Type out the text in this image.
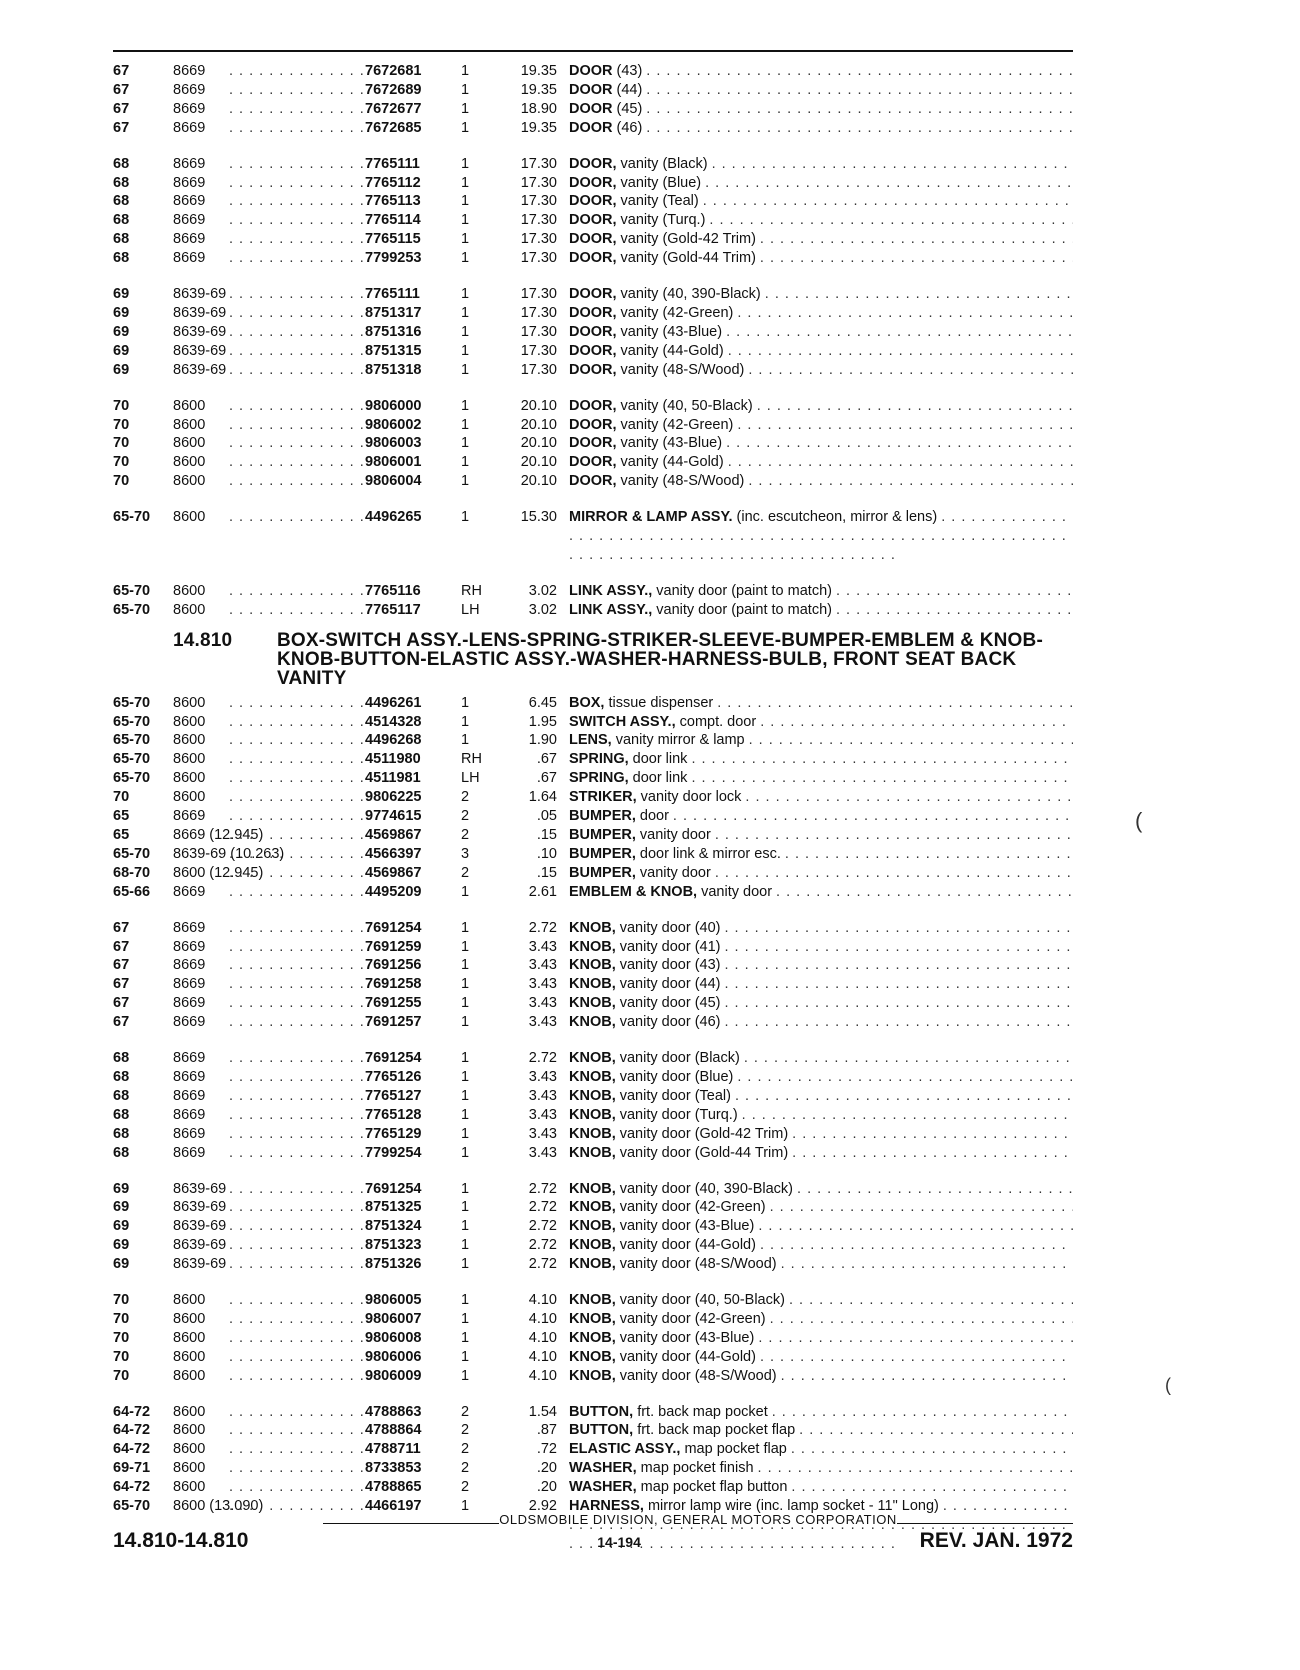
67	8669 . . .	7672681	1	19.35 DOOR (43)
. . .
67	8669 . . .	7672689	1	19.35 DOOR (44)
. . .
67	8669 . . .	7672677	1	18.90 DOOR (45)
. . .
67	8669 . . .	7672685	1	19.35 DOOR (46)
. . .
68	8669 . . .	7765111	1	17.30 DOOR, vanity (Black)
. . .
68	8669 . . .	7765112	1	17.30 DOOR, vanity (Blue)
. . .
68	8669 . . .	7765113	1	17.30 DOOR, vanity (Teal)
. . .
68	8669 . . .	7765114	1	17.30 DOOR, vanity (Turq.)
. . .
68	8669 . . .	7765115	1	17.30 DOOR, vanity (Gold-42 Trim)
. . .
68	8669 . . .	7799253	1	17.30 DOOR, vanity (Gold-44 Trim)
. . .
69	8639-69 . . .	7765111	1	17.30 DOOR, vanity (40, 390-Black)
. . .
69	8639-69 . . .	8751317	1	17.30 DOOR, vanity (42-Green)
. . .
69	8639-69 . . .	8751316	1	17.30 DOOR, vanity (43-Blue)
. . .
69	8639-69 . . .	8751315	1	17.30 DOOR, vanity (44-Gold)
. . .
69	8639-69 . . .	8751318	1	17.30 DOOR, vanity (48-S/Wood)
. . .
70	8600 . . .	9806000	1	20.10 DOOR, vanity (40, 50-Black)
. . .
70	8600 . . .	9806002	1	20.10 DOOR, vanity (42-Green)
. . .
70	8600 . . .	9806003	1	20.10 DOOR, vanity (43-Blue)
. . .
70	8600 . . .	9806001	1	20.10 DOOR, vanity (44-Gold)
. . .
70	8600 . . .	9806004	1	20.10 DOOR, vanity (48-S/Wood)
. . .
65-70	8600 . . .	4496265	1	15.30 MIRROR & LAMP ASSY. (inc. escutcheon, mirror & lens) . . .
65-70	8600 . . .	7765116	RH	3.02 LINK ASSY., vanity door (paint to match)
. . .
65-70	8600 . . .	7765117	LH	3.02 LINK ASSY., vanity door (paint to match)
. . .
14.810	BOX-SWITCH ASSY.-LENS-SPRING-STRIKER-SLEEVE-BUMPER-EMBLEM & KNOB-KNOB-BUTTON-ELASTIC ASSY.-WASHER-HARNESS-BULB, FRONT SEAT BACK VANITY
65-70	8600 . . .	4496261	1	6.45 BOX, tissue dispenser
. . .
65-70	8600 . . .	4514328	1	1.95 SWITCH ASSY., compt. door
. . .
65-70	8600 . . .	4496268	1	1.90 LENS, vanity mirror & lamp
. . .
65-70	8600 . . .	4511980	RH	.67 SPRING, door link
. . .
65-70	8600 . . .	4511981	LH	.67 SPRING, door link
. . .
70	8600 . . .	9806225	2	1.64 STRIKER, vanity door lock
. . .
65	8669 . . .	9774615	2	.05 BUMPER, door
. . .
65	8669 (12.945) . . .	4569867	2	.15 BUMPER, vanity door
. . .
65-70	8639-69 (10.263) . . .	4566397	3	.10 BUMPER, door link & mirror esc.
. . .
68-70	8600 (12.945) . . .	4569867	2	.15 BUMPER, vanity door
. . .
65-66	8669 . . .	4495209	1	2.61 EMBLEM & KNOB, vanity door
. . .
67	8669 . . .	7691254	1	2.72 KNOB, vanity door (40)
. . .
67	8669 . . .	7691259	1	3.43 KNOB, vanity door (41)
. . .
67	8669 . . .	7691256	1	3.43 KNOB, vanity door (43)
. . .
67	8669 . . .	7691258	1	3.43 KNOB, vanity door (44)
. . .
67	8669 . . .	7691255	1	3.43 KNOB, vanity door (45)
. . .
67	8669 . . .	7691257	1	3.43 KNOB, vanity door (46)
. . .
68	8669 . . .	7691254	1	2.72 KNOB, vanity door (Black)
. . .
68	8669 . . .	7765126	1	3.43 KNOB, vanity door (Blue)
. . .
68	8669 . . .	7765127	1	3.43 KNOB, vanity door (Teal)
. . .
68	8669 . . .	7765128	1	3.43 KNOB, vanity door (Turq.)
. . .
68	8669 . . .	7765129	1	3.43 KNOB, vanity door (Gold-42 Trim)
. . .
68	8669 . . .	7799254	1	3.43 KNOB, vanity door (Gold-44 Trim)
. . .
69	8639-69 . . .	7691254	1	2.72 KNOB, vanity door (40, 390-Black)
. . .
69	8639-69 . . .	8751325	1	2.72 KNOB, vanity door (42-Green)
. . .
69	8639-69 . . .	8751324	1	2.72 KNOB, vanity door (43-Blue)
. . .
69	8639-69 . . .	8751323	1	2.72 KNOB, vanity door (44-Gold)
. . .
69	8639-69 . . .	8751326	1	2.72 KNOB, vanity door (48-S/Wood)
. . .
70	8600 . . .	9806005	1	4.10 KNOB, vanity door (40, 50-Black)
. . .
70	8600 . . .	9806007	1	4.10 KNOB, vanity door (42-Green)
. . .
70	8600 . . .	9806008	1	4.10 KNOB, vanity door (43-Blue)
. . .
70	8600 . . .	9806006	1	4.10 KNOB, vanity door (44-Gold)
. . .
70	8600 . . .	9806009	1	4.10 KNOB, vanity door (48-S/Wood)
. . .
64-72	8600 . . .	4788863	2	1.54 BUTTON, frt. back map pocket
. . .
64-72	8600 . . .	4788864	2	.87 BUTTON, frt. back map pocket flap
. . .
64-72	8600 . . .	4788711	2	.72 ELASTIC ASSY., map pocket flap
. . .
69-71	8600 . . .	8733853	2	.20 WASHER, map pocket finish
. . .
64-72	8600 . . .	4788865	2	.20 WASHER, map pocket flap button
. . .
65-70	8600 (13.090) . . .	4466197	1	2.92 HARNESS, mirror lamp wire (inc. lamp socket - 11" Long) . . .
OLDSMOBILE DIVISION, GENERAL MOTORS CORPORATION
14.810-14.810	14-194	REV. JAN. 1972
(
(
